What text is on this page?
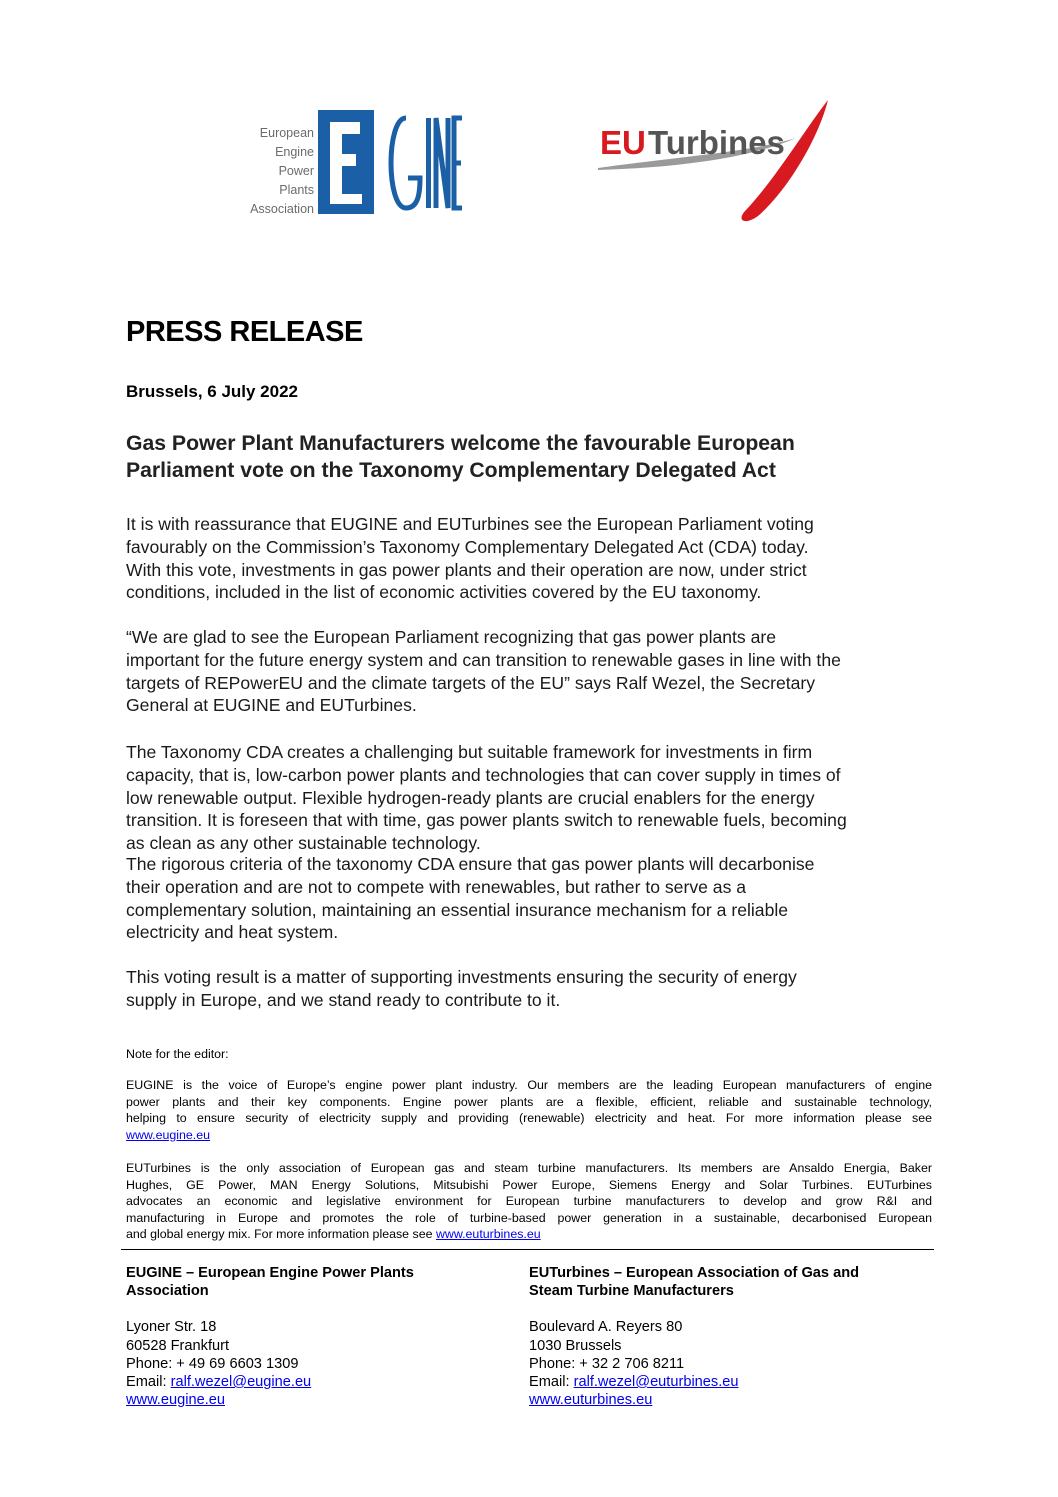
European
Engine
Power
Plants
Association
EU Turbines
PRESS RELEASE
Brussels, 6 July 2022
Gas Power Plant Manufacturers welcome the favourable European
Parliament vote on the Taxonomy Complementary Delegated Act
It is with reassurance that EUGINE and EUTurbines see the European Parliament voting
favourably on the Commission’s Taxonomy Complementary Delegated Act (CDA) today.
With this vote, investments in gas power plants and their operation are now, under strict
conditions, included in the list of economic activities covered by the EU taxonomy.
“We are glad to see the European Parliament recognizing that gas power plants are
important for the future energy system and can transition to renewable gases in line with the
targets of REPowerEU and the climate targets of the EU” says Ralf Wezel, the Secretary
General at EUGINE and EUTurbines.
The Taxonomy CDA creates a challenging but suitable framework for investments in firm
capacity, that is, low-carbon power plants and technologies that can cover supply in times of
low renewable output. Flexible hydrogen-ready plants are crucial enablers for the energy
transition. It is foreseen that with time, gas power plants switch to renewable fuels, becoming
as clean as any other sustainable technology.
The rigorous criteria of the taxonomy CDA ensure that gas power plants will decarbonise
their operation and are not to compete with renewables, but rather to serve as a
complementary solution, maintaining an essential insurance mechanism for a reliable
electricity and heat system.
This voting result is a matter of supporting investments ensuring the security of energy
supply in Europe, and we stand ready to contribute to it.
Note for the editor:
EUGINE is the voice of Europe’s engine power plant industry. Our members are the leading European manufacturers of engine
power plants and their key components. Engine power plants are a flexible, efficient, reliable and sustainable technology,
helping to ensure security of electricity supply and providing (renewable) electricity and heat. For more information please see
www.eugine.eu
EUTurbines is the only association of European gas and steam turbine manufacturers. Its members are Ansaldo Energia, Baker
Hughes, GE Power, MAN Energy Solutions, Mitsubishi Power Europe, Siemens Energy and Solar Turbines. EUTurbines
advocates an economic and legislative environment for European turbine manufacturers to develop and grow R&I and
manufacturing in Europe and promotes the role of turbine-based power generation in a sustainable, decarbonised European
and global energy mix. For more information please see www.euturbines.eu
EUGINE – European Engine Power Plants
Association
Lyoner Str. 18
60528 Frankfurt
Phone: + 49 69 6603 1309
Email: ralf.wezel@eugine.eu
www.eugine.eu
EUTurbines – European Association of Gas and
Steam Turbine Manufacturers
Boulevard A. Reyers 80
1030 Brussels
Phone: + 32 2 706 8211
Email: ralf.wezel@euturbines.eu
www.euturbines.eu
